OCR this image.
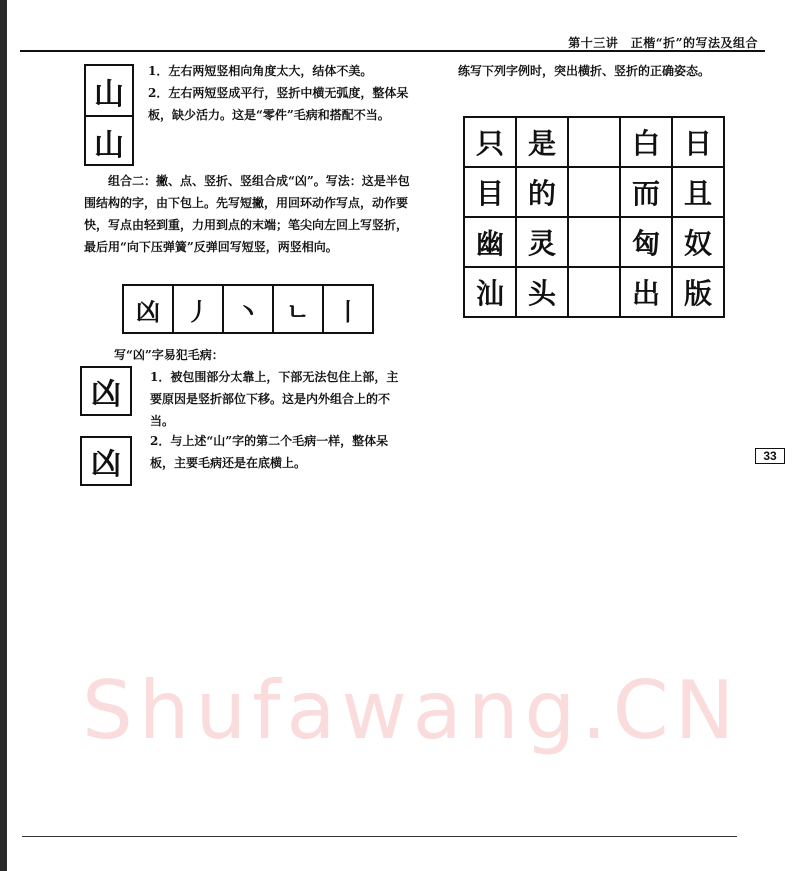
第十三讲　正楷“折”的写法及组合
山
山

1．左右两短竖相向角度太大，结体不美。

2．左右两短竖成平行，竖折中横无弧度，整体呆板，缺少活力。这是“零件”毛病和搭配不当。

组合二：撇、点、竖折、竖组合成“凶”。写法：这是半包围结构的字，由下包上。先写短撇，用回环动作写点，动作要快，写点由轻到重，力用到点的末端；笔尖向左回上写竖折，最后用“向下压弹簧”反弹回写短竖，两竖相向。

凶	丿	丶	ㄴ	丨
写“凶”字易犯毛病：
凶
凶

1．被包围部分太靠上，下部无法包住上部，主要原因是竖折部位下移。这是内外组合上的不当。

2．与上述“山”字的第二个毛病一样，整体呆板，主要毛病还是在底横上。

练写下列字例时，突出横折、竖折的正确姿态。

只	是		白	日
目	的		而	且
幽	灵		匈	奴
汕	头		出	版
33
Shufawang.CN
